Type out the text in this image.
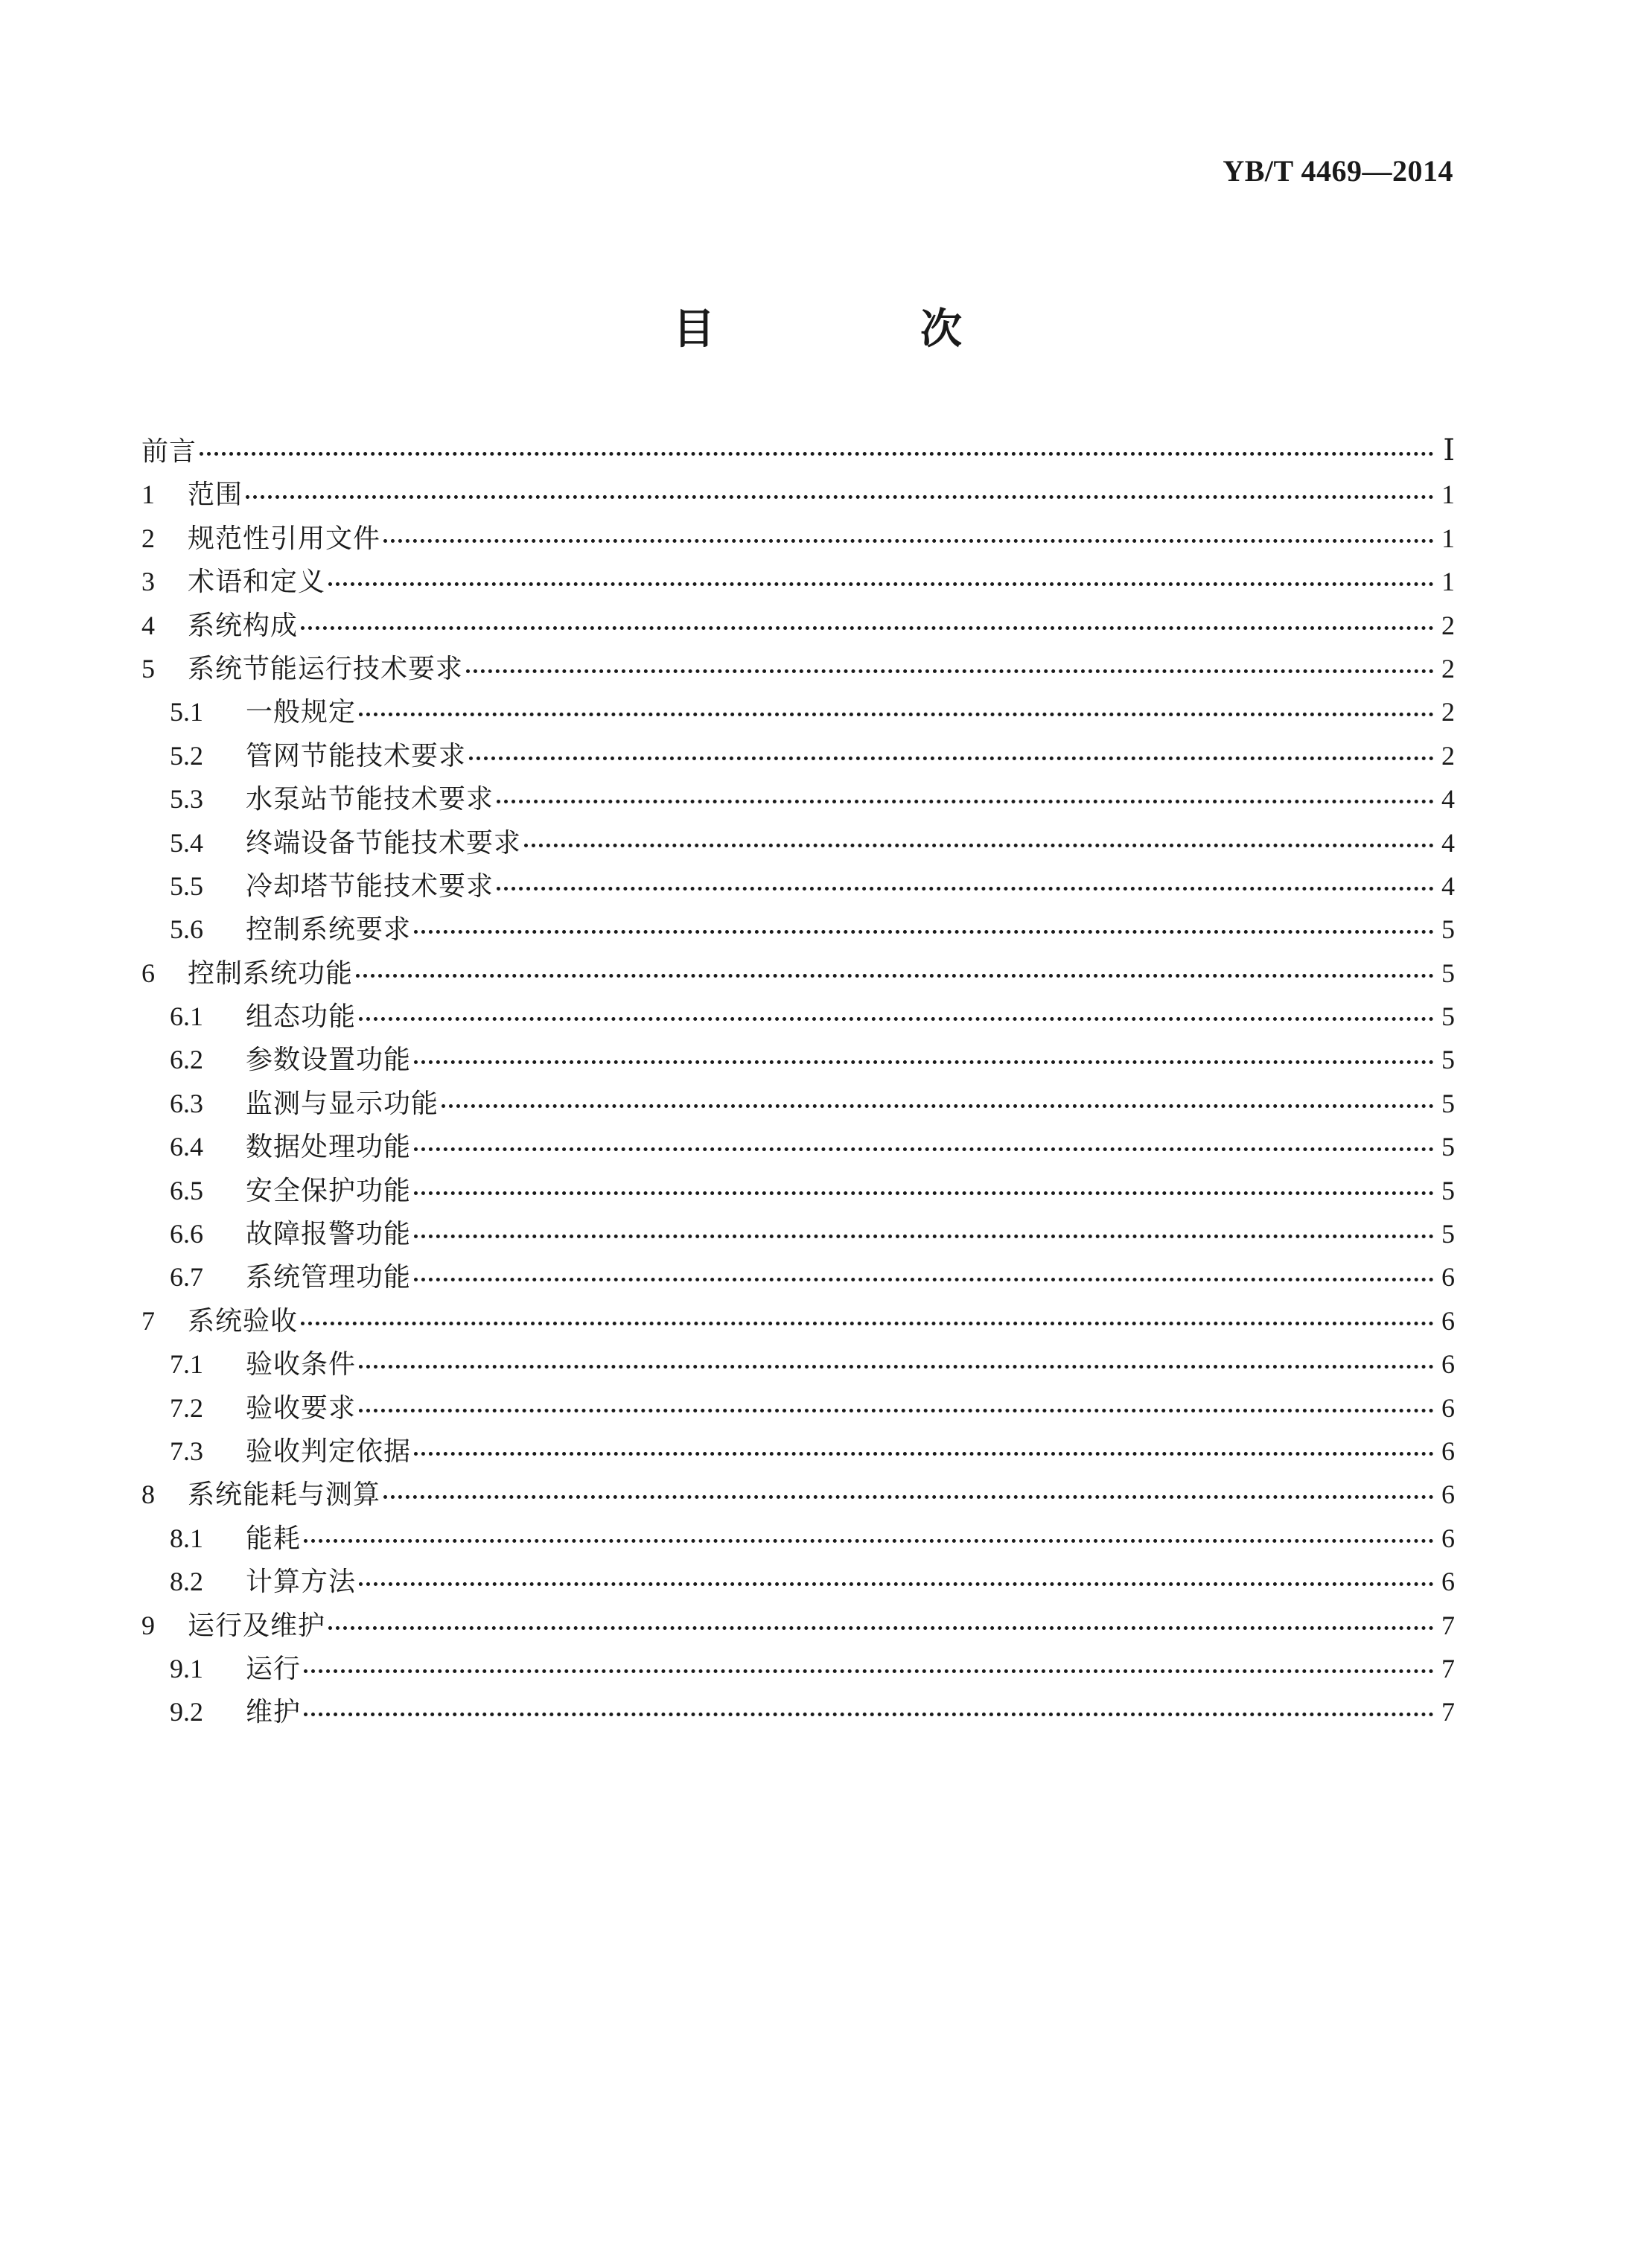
YB/T 4469—2014
目　次
前言	Ⅰ
1	范围	1
2	规范性引用文件	1
3	术语和定义	1
4	系统构成	2
5	系统节能运行技术要求	2
5.1	一般规定	2
5.2	管网节能技术要求	2
5.3	水泵站节能技术要求	4
5.4	终端设备节能技术要求	4
5.5	冷却塔节能技术要求	4
5.6	控制系统要求	5
6	控制系统功能	5
6.1	组态功能	5
6.2	参数设置功能	5
6.3	监测与显示功能	5
6.4	数据处理功能	5
6.5	安全保护功能	5
6.6	故障报警功能	5
6.7	系统管理功能	6
7	系统验收	6
7.1	验收条件	6
7.2	验收要求	6
7.3	验收判定依据	6
8	系统能耗与测算	6
8.1	能耗	6
8.2	计算方法	6
9	运行及维护	7
9.1	运行	7
9.2	维护	7
